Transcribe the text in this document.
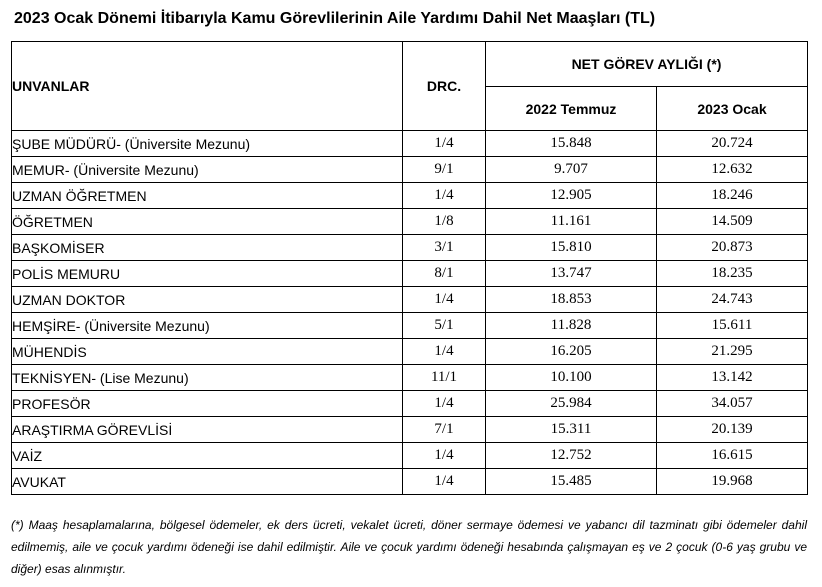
2023 Ocak Dönemi İtibarıyla Kamu Görevlilerinin Aile Yardımı Dahil Net Maaşları (TL)
UNVANLAR	DRC.	NET GÖREV AYLIĞI (*)	
		2022 Temmuz	2023 Ocak
ŞUBE MÜDÜRÜ- (Üniversite Mezunu)	1/4	15.848	20.724
MEMUR- (Üniversite Mezunu)	9/1	9.707	12.632
UZMAN ÖĞRETMEN	1/4	12.905	18.246
ÖĞRETMEN	1/8	11.161	14.509
BAŞKOMİSER	3/1	15.810	20.873
POLİS MEMURU	8/1	13.747	18.235
UZMAN DOKTOR	1/4	18.853	24.743
HEMŞİRE- (Üniversite Mezunu)	5/1	11.828	15.611
MÜHENDİS	1/4	16.205	21.295
TEKNİSYEN- (Lise Mezunu)	11/1	10.100	13.142
PROFESÖR	1/4	25.984	34.057
ARAŞTIRMA GÖREVLİSİ	7/1	15.311	20.139
VAİZ	1/4	12.752	16.615
AVUKAT	1/4	15.485	19.968
(*) Maaş hesaplamalarına, bölgesel ödemeler, ek ders ücreti, vekalet ücreti, döner sermaye ödemesi ve yabancı dil tazminatı gibi ödemeler dahil edilmemiş, aile ve çocuk yardımı ödeneği ise dahil edilmiştir. Aile ve çocuk yardımı ödeneği hesabında çalışmayan eş ve 2 çocuk (0-6 yaş grubu ve diğer) esas alınmıştır.
